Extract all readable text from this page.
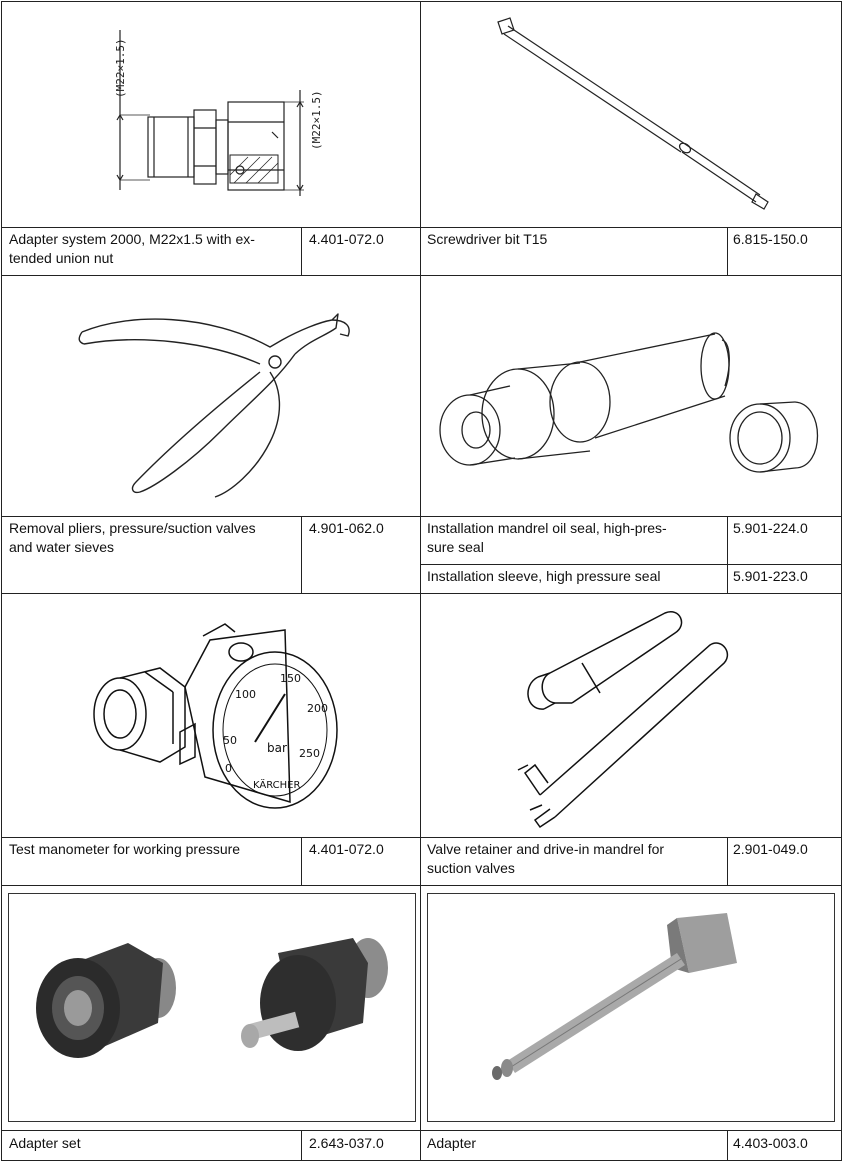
(M22×1.5)
(M22×1.5)
0
50
100
150
200
250
bar
KÄRCHER
Adapter system 2000, M22x1.5 with ex-
tended union nut
4.401-072.0	Screwdriver bit T15	6.815-150.0
Removal pliers, pressure/suction valves
and water sieves
4.901-062.0	Installation mandrel oil seal, high-pres-
sure seal
5.901-224.0
Installation sleeve, high pressure seal	5.901-223.0
Test manometer for working pressure	4.401-072.0	Valve retainer and drive-in mandrel for
suction valves
2.901-049.0
Adapter set	2.643-037.0	Adapter	4.403-003.0
